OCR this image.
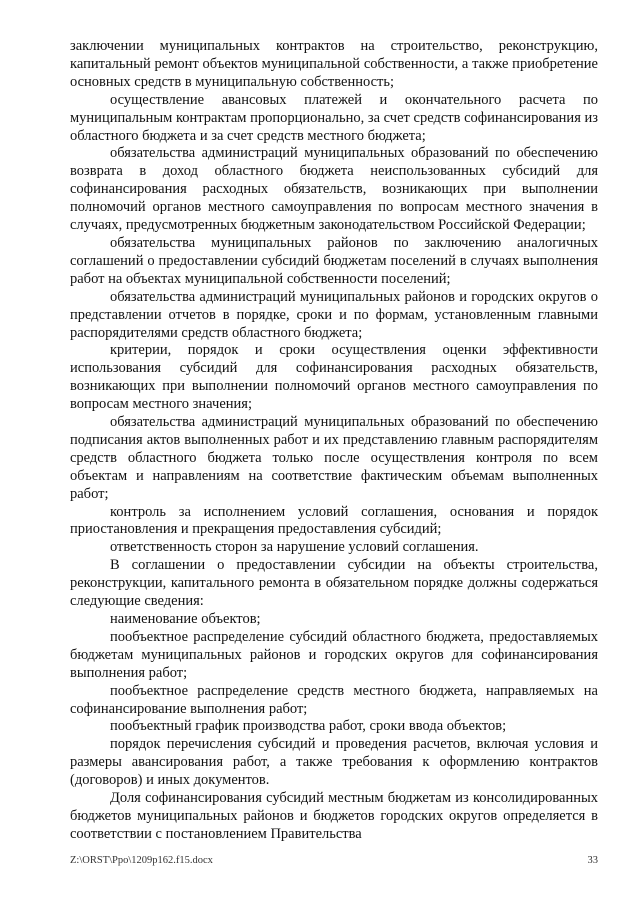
заключении муниципальных контрактов на строительство, реконструкцию, капитальный ремонт объектов муниципальной собственности, а также приобретение основных средств в муниципальную собственность;

осуществление авансовых платежей и окончательного расчета по муниципальным контрактам пропорционально, за счет средств софинансирования из областного бюджета и за счет средств местного бюджета;

обязательства администраций муниципальных образований по обеспечению возврата в доход областного бюджета неиспользованных субсидий для софинансирования расходных обязательств, возникающих при выполнении полномочий органов местного самоуправления по вопросам местного значения в случаях, предусмотренных бюджетным законодательством Российской Федерации;

обязательства муниципальных районов по заключению аналогичных соглашений о предоставлении субсидий бюджетам поселений в случаях выполнения работ на объектах муниципальной собственности поселений;

обязательства администраций муниципальных районов и городских округов о представлении отчетов в порядке, сроки и по формам, установленным главными распорядителями средств областного бюджета;

критерии, порядок и сроки осуществления оценки эффективности использования субсидий для софинансирования расходных обязательств, возникающих при выполнении полномочий органов местного самоуправления по вопросам местного значения;

обязательства администраций муниципальных образований по обеспечению подписания актов выполненных работ и их представлению главным распорядителям средств областного бюджета только после осуществления контроля по всем объектам и направлениям на соответствие фактическим объемам выполненных работ;

контроль за исполнением условий соглашения, основания и порядок приостановления и прекращения предоставления субсидий;

ответственность сторон за нарушение условий соглашения.

В соглашении о предоставлении субсидии на объекты строительства, реконструкции, капитального ремонта в обязательном порядке должны содержаться следующие сведения:

наименование объектов;

пообъектное распределение субсидий областного бюджета, предоставляемых бюджетам муниципальных районов и городских округов для софинансирования выполнения работ;

пообъектное распределение средств местного бюджета, направляемых на софинансирование выполнения работ;

пообъектный график производства работ, сроки ввода объектов;

порядок перечисления субсидий и проведения расчетов, включая условия и размеры авансирования работ, а также требования к оформлению контрактов (договоров) и иных документов.

Доля софинансирования субсидий местным бюджетам из консолидированных бюджетов муниципальных районов и бюджетов городских округов определяется в соответствии с постановлением Правительства

Z:\ORST\Ppo\1209p162.f15.docx	33
